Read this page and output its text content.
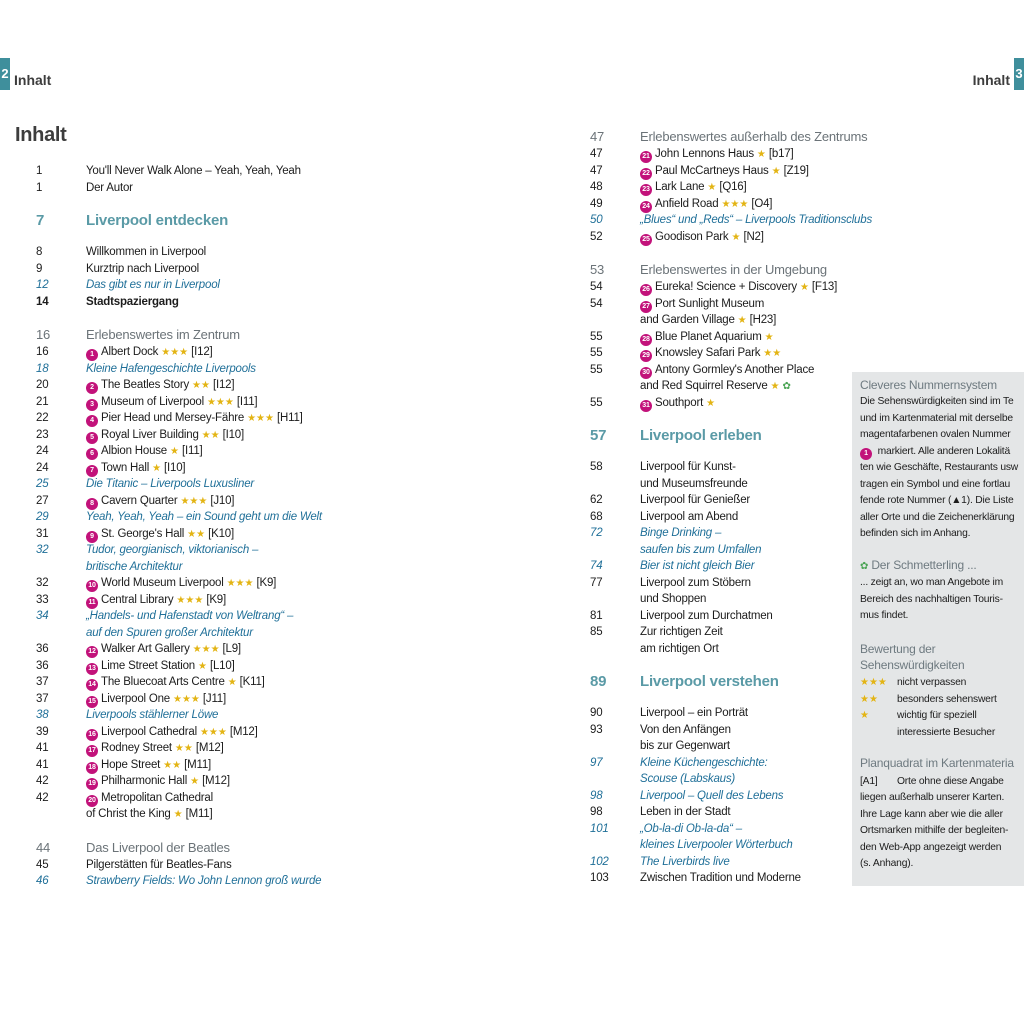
2 Inhalt	Inhalt 3
Inhalt
1	You'll Never Walk Alone – Yeah, Yeah, Yeah
1	Der Autor
7	Liverpool entdecken
8	Willkommen in Liverpool
9	Kurztrip nach Liverpool
12	Das gibt es nur in Liverpool
14	Stadtspaziergang
16	Erlebenswertes im Zentrum
16	1 Albert Dock ★★★ [I12]
18	Kleine Hafengeschichte Liverpools
20	2 The Beatles Story ★★ [I12]
21	3 Museum of Liverpool ★★★ [I11]
22	4 Pier Head und Mersey-Fähre ★★★ [H11]
23	5 Royal Liver Building ★★ [I10]
24	6 Albion House ★ [I11]
24	7 Town Hall ★ [I10]
25	Die Titanic – Liverpools Luxusliner
27	8 Cavern Quarter ★★★ [J10]
29	Yeah, Yeah, Yeah – ein Sound geht um die Welt
31	9 St. George's Hall ★★ [K10]
32	Tudor, georgianisch, viktorianisch –
britische Architektur
32	10 World Museum Liverpool ★★★ [K9]
33	11 Central Library ★★★ [K9]
34	„Handels- und Hafenstadt von Weltrang“ –
auf den Spuren großer Architektur
36	12 Walker Art Gallery ★★★ [L9]
36	13 Lime Street Station ★ [L10]
37	14 The Bluecoat Arts Centre ★ [K11]
37	15 Liverpool One ★★★ [J11]
38	Liverpools stählerner Löwe
39	16 Liverpool Cathedral ★★★ [M12]
41	17 Rodney Street ★★ [M12]
41	18 Hope Street ★★ [M11]
42	19 Philharmonic Hall ★ [M12]
42	20 Metropolitan Cathedral
of Christ the King ★ [M11]
44	Das Liverpool der Beatles
45	Pilgerstätten für Beatles-Fans
46	Strawberry Fields: Wo John Lennon groß wurde
47	Erlebenswertes außerhalb des Zentrums
47	21 John Lennons Haus ★ [b17]
47	22 Paul McCartneys Haus ★ [Z19]
48	23 Lark Lane ★ [Q16]
49	24 Anfield Road ★★★ [O4]
50	„Blues“ und „Reds“ – Liverpools Traditionsclubs
52	25 Goodison Park ★ [N2]
53	Erlebenswertes in der Umgebung
54	26 Eureka! Science + Discovery ★ [F13]
54	27 Port Sunlight Museum
and Garden Village ★ [H23]
55	28 Blue Planet Aquarium ★
55	29 Knowsley Safari Park ★★
55	30 Antony Gormley's Another Place
and Red Squirrel Reserve ★ ✿
55	31 Southport ★
57	Liverpool erleben
58	Liverpool für Kunst-
und Museumsfreunde
62	Liverpool für Genießer
68	Liverpool am Abend
72	Binge Drinking –
saufen bis zum Umfallen
74	Bier ist nicht gleich Bier
77	Liverpool zum Stöbern
und Shoppen
81	Liverpool zum Durchatmen
85	Zur richtigen Zeit
am richtigen Ort
89	Liverpool verstehen
90	Liverpool – ein Porträt
93	Von den Anfängen
bis zur Gegenwart
97	Kleine Küchengeschichte:
Scouse (Labskaus)
98	Liverpool – Quell des Lebens
98	Leben in der Stadt
101	„Ob-la-di Ob-la-da“ –
kleines Liverpooler Wörterbuch
102	The Liverbirds live
103	Zwischen Tradition und Moderne
Cleveres Nummernsystem
Die Sehenswürdigkeiten sind im Te
und im Kartenmaterial mit derselbe
magentafarbenen ovalen Nummer
1 markiert. Alle anderen Lokalitä
ten wie Geschäfte, Restaurants usw
tragen ein Symbol und eine fortlau
fende rote Nummer (▲1). Die Liste
aller Orte und die Zeichenerklärung
befinden sich im Anhang.
✿ Der Schmetterling ...
... zeigt an, wo man Angebote im
Bereich des nachhaltigen Touris-
mus findet.
Bewertung der
Sehenswürdigkeiten
★★★ nicht verpassen
★★ besonders sehenswert
★	wichtig für speziell
interessierte Besucher
Planquadrat im Kartenmateria
[A1] Orte ohne diese Angabe
liegen außerhalb unserer Karten.
Ihre Lage kann aber wie die aller
Ortsmarken mithilfe der begleiten-
den Web-App angezeigt werden
(s. Anhang).
